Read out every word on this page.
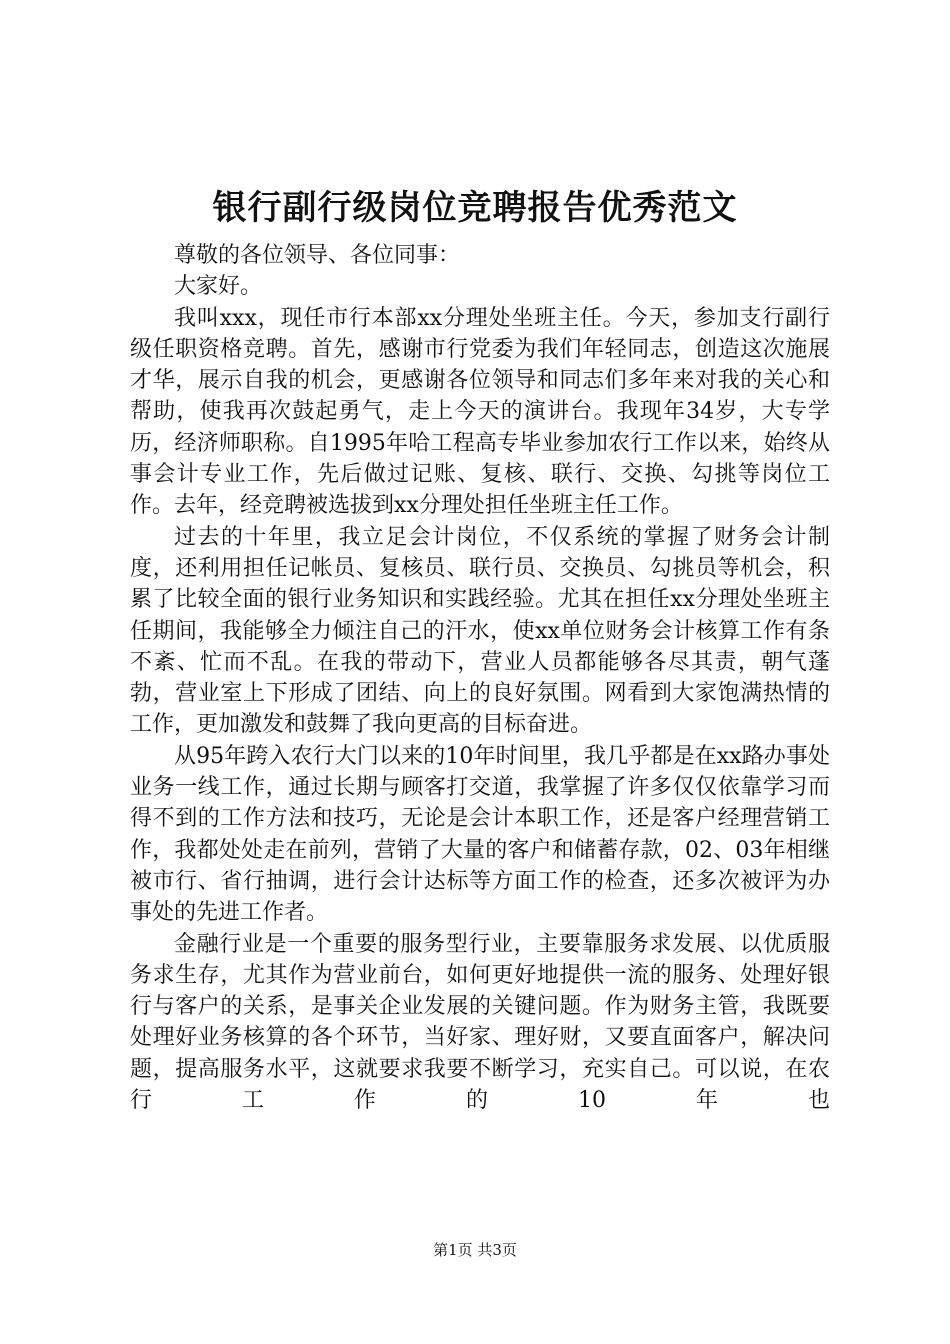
银行副行级岗位竞聘报告优秀范文

尊敬的各位领导、各位同事：

大家好。

我叫xxx，现任市行本部xx分理处坐班主任。今天，参加支行副行级任职资格竞聘。首先，感谢市行党委为我们年轻同志，创造这次施展才华，展示自我的机会，更感谢各位领导和同志们多年来对我的关心和帮助，使我再次鼓起勇气，走上今天的演讲台。我现年34岁，大专学历，经济师职称。自1995年哈工程高专毕业参加农行工作以来，始终从事会计专业工作，先后做过记账、复核、联行、交换、勾挑等岗位工作。去年，经竞聘被选拔到xx分理处担任坐班主任工作。

过去的十年里，我立足会计岗位，不仅系统的掌握了财务会计制度，还利用担任记帐员、复核员、联行员、交换员、勾挑员等机会，积累了比较全面的银行业务知识和实践经验。尤其在担任xx分理处坐班主任期间，我能够全力倾注自己的汗水，使xx单位财务会计核算工作有条不紊、忙而不乱。在我的带动下，营业人员都能够各尽其责，朝气蓬勃，营业室上下形成了团结、向上的良好氛围。网看到大家饱满热情的工作，更加激发和鼓舞了我向更高的目标奋进。

从95年跨入农行大门以来的10年时间里，我几乎都是在xx路办事处业务一线工作，通过长期与顾客打交道，我掌握了许多仅仅依靠学习而得不到的工作方法和技巧，无论是会计本职工作，还是客户经理营销工作，我都处处走在前列，营销了大量的客户和储蓄存款，02、03年相继被市行、省行抽调，进行会计达标等方面工作的检查，还多次被评为办事处的先进工作者。

金融行业是一个重要的服务型行业，主要靠服务求发展、以优质服务求生存，尤其作为营业前台，如何更好地提供一流的服务、处理好银行与客户的关系，是事关企业发展的关键问题。作为财务主管，我既要处理好业务核算的各个环节，当好家、理好财，又要直面客户，解决问题，提高服务水平，这就要求我要不断学习，充实自己。可以说，在农行工作的10年也

第1页 共3页
